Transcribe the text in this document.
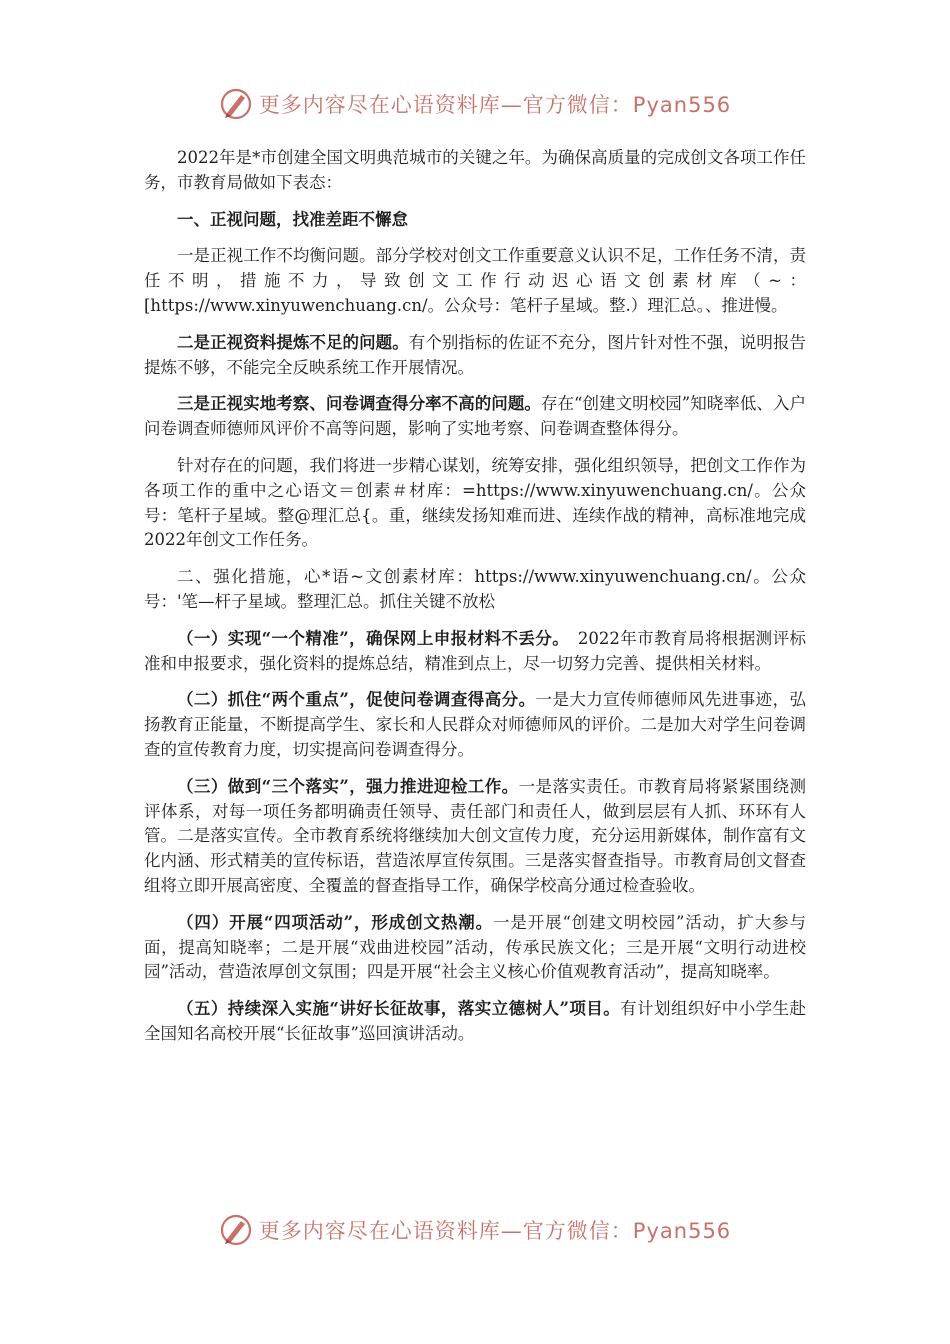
更多内容尽在心语资料库—官方微信：Pyan556

2022年是*市创建全国文明典范城市的关键之年。为确保高质量的完成创文各项工作任务，市教育局做如下表态：

一、正视问题，找准差距不懈怠

一是正视工作不均衡问题。部分学校对创文工作重要意义认识不足，工作任务不清，责任不明，措施不力，导致创文工作行动迟心语文创素材库（~：[https://www.xinyuwenchuang.cn/。公众号：笔杆子星域。整.）理汇总。、推进慢。

二是正视资料提炼不足的问题。有个别指标的佐证不充分，图片针对性不强，说明报告提炼不够，不能完全反映系统工作开展情况。

三是正视实地考察、问卷调查得分率不高的问题。存在“创建文明校园”知晓率低、入户问卷调查师德师风评价不高等问题，影响了实地考察、问卷调查整体得分。

针对存在的问题，我们将进一步精心谋划，统筹安排，强化组织领导，把创文工作作为各项工作的重中之心语文＝创素＃材库：=https://www.xinyuwenchuang.cn/。公众号：笔杆子星域。整@理汇总{。重，继续发扬知难而进、连续作战的精神，高标准地完成2022年创文工作任务。

二、强化措施，心*语~文创素材库：https://www.xinyuwenchuang.cn/。公众号：'笔—杆子星域。整理汇总。抓住关键不放松

（一）实现“一个精准”，确保网上申报材料不丢分。　2022年市教育局将根据测评标准和申报要求，强化资料的提炼总结，精准到点上，尽一切努力完善、提供相关材料。

（二）抓住“两个重点”，促使问卷调查得高分。一是大力宣传师德师风先进事迹，弘扬教育正能量，不断提高学生、家长和人民群众对师德师风的评价。二是加大对学生问卷调查的宣传教育力度，切实提高问卷调查得分。

（三）做到“三个落实”，强力推进迎检工作。一是落实责任。市教育局将紧紧围绕测评体系，对每一项任务都明确责任领导、责任部门和责任人，做到层层有人抓、环环有人管。二是落实宣传。全市教育系统将继续加大创文宣传力度，充分运用新媒体，制作富有文化内涵、形式精美的宣传标语，营造浓厚宣传氛围。三是落实督查指导。市教育局创文督查组将立即开展高密度、全覆盖的督查指导工作，确保学校高分通过检查验收。

（四）开展“四项活动”，形成创文热潮。一是开展“创建文明校园”活动，扩大参与面，提高知晓率；二是开展“戏曲进校园”活动，传承民族文化；三是开展“文明行动进校园”活动，营造浓厚创文氛围；四是开展“社会主义核心价值观教育活动”，提高知晓率。

（五）持续深入实施“讲好长征故事，落实立德树人”项目。有计划组织好中小学生赴全国知名高校开展“长征故事”巡回演讲活动。

更多内容尽在心语资料库—官方微信：Pyan556
